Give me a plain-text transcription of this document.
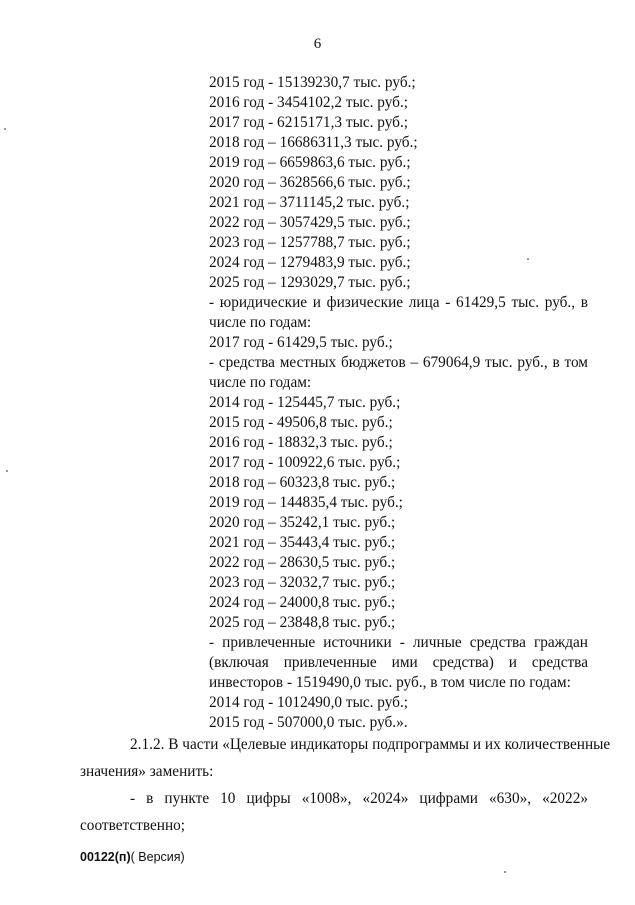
6
2015 год - 15139230,7 тыс. руб.;
2016 год - 3454102,2 тыс. руб.;
2017 год - 6215171,3 тыс. руб.;
2018 год – 16686311,3 тыс. руб.;
2019 год – 6659863,6 тыс. руб.;
2020 год – 3628566,6 тыс. руб.;
2021 год – 3711145,2 тыс. руб.;
2022 год – 3057429,5 тыс. руб.;
2023 год – 1257788,7 тыс. руб.;
2024 год – 1279483,9 тыс. руб.;
2025 год – 1293029,7 тыс. руб.;
- юридические и физические лица - 61429,5 тыс. руб., в
числе по годам:
2017 год - 61429,5 тыс. руб.;
- средства местных бюджетов – 679064,9 тыс. руб., в том
числе по годам:
2014 год - 125445,7 тыс. руб.;
2015 год - 49506,8 тыс. руб.;
2016 год - 18832,3 тыс. руб.;
2017 год - 100922,6 тыс. руб.;
2018 год – 60323,8 тыс. руб.;
2019 год – 144835,4 тыс. руб.;
2020 год – 35242,1 тыс. руб.;
2021 год – 35443,4 тыс. руб.;
2022 год – 28630,5 тыс. руб.;
2023 год – 32032,7 тыс. руб.;
2024 год – 24000,8 тыс. руб.;
2025 год – 23848,8 тыс. руб.;
- привлеченные источники - личные средства граждан
(включая привлеченные ими средства) и средства
инвесторов - 1519490,0 тыс. руб., в том числе по годам:
2014 год - 1012490,0 тыс. руб.;
2015 год - 507000,0 тыс. руб.».
2.1.2. В части «Целевые индикаторы подпрограммы и их количественные
значения» заменить:
- в пункте 10 цифры «1008», «2024» цифрами «630», «2022»
соответственно;
00122(п)( Версия)
